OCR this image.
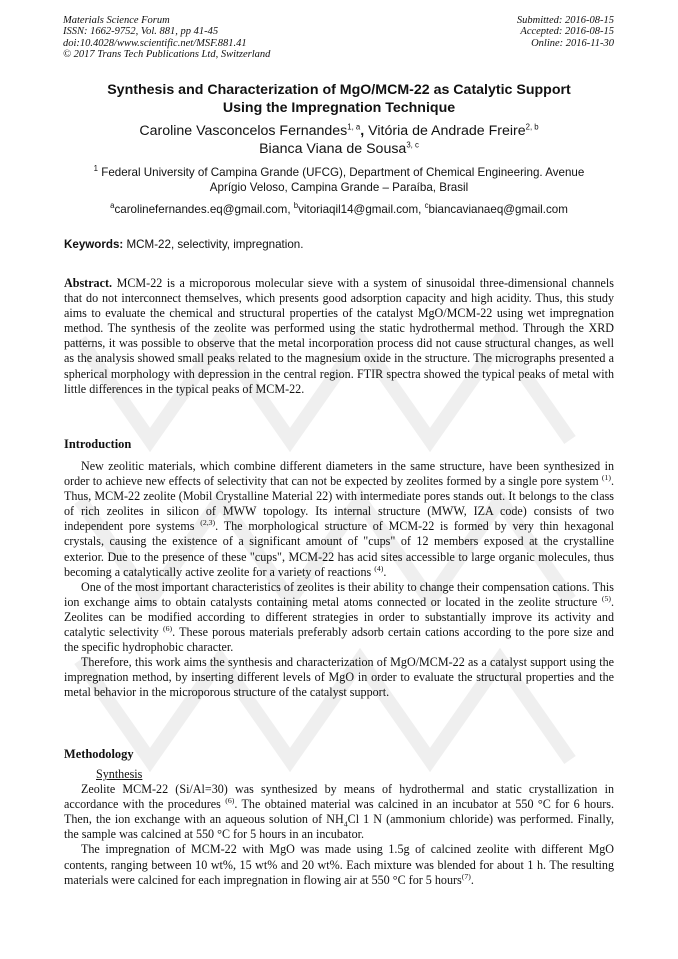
Materials Science Forum
ISSN: 1662-9752, Vol. 881, pp 41-45
doi:10.4028/www.scientific.net/MSF.881.41
© 2017 Trans Tech Publications Ltd, Switzerland
Submitted: 2016-08-15
Accepted: 2016-08-15
Online: 2016-11-30
Synthesis and Characterization of MgO/MCM-22 as Catalytic Support
Using the Impregnation Technique
Caroline Vasconcelos Fernandes$^{1, a}$, Vitória de Andrade Freire$^{2, b}$
Bianca Viana de Sousa$^{3, c}$
$^1$ Federal University of Campina Grande (UFCG), Department of Chemical Engineering. Avenue
Aprígio Veloso, Campina Grande – Paraíba, Brasil
$^a$carolinefernandes.eq@gmail.com, $^b$vitoriaqil14@gmail.com, $^c$biancavianaeq@gmail.com
Keywords: MCM-22, selectivity, impregnation.

Abstract. MCM-22 is a microporous molecular sieve with a system of sinusoidal three-dimensional channels that do not interconnect themselves, which presents good adsorption capacity and high acidity. Thus, this study aims to evaluate the chemical and structural properties of the catalyst MgO/MCM-22 using wet impregnation method. The synthesis of the zeolite was performed using the static hydrothermal method. Through the XRD patterns, it was possible to observe that the metal incorporation process did not cause structural changes, as well as the analysis showed small peaks related to the magnesium oxide in the structure. The micrographs presented a spherical morphology with depression in the central region. FTIR spectra showed the typical peaks of metal with little differences in the typical peaks of MCM-22.

Introduction

New zeolitic materials, which combine different diameters in the same structure, have been synthesized in order to achieve new effects of selectivity that can not be expected by zeolites formed by a single pore system $^{(1)}$. Thus, MCM-22 zeolite (Mobil Crystalline Material 22) with intermediate pores stands out. It belongs to the class of rich zeolites in silicon of MWW topology. Its internal structure (MWW, IZA code) consists of two independent pore systems $^{(2,3)}$. The morphological structure of MCM-22 is formed by very thin hexagonal crystals, causing the existence of a significant amount of "cups" of 12 members exposed at the crystalline exterior. Due to the presence of these "cups", MCM-22 has acid sites accessible to large organic molecules, thus becoming a catalytically active zeolite for a variety of reactions $^{(4)}$.

One of the most important characteristics of zeolites is their ability to change their compensation cations. This ion exchange aims to obtain catalysts containing metal atoms connected or located in the zeolite structure $^{(5)}$. Zeolites can be modified according to different strategies in order to substantially improve its activity and catalytic selectivity $^{(6)}$. These porous materials preferably adsorb certain cations according to the pore size and the specific hydrophobic character.

Therefore, this work aims the synthesis and characterization of MgO/MCM-22 as a catalyst support using the impregnation method, by inserting different levels of MgO in order to evaluate the structural properties and the metal behavior in the microporous structure of the catalyst support.

Methodology
Synthesis

Zeolite MCM-22 (Si/Al=30) was synthesized by means of hydrothermal and static crystallization in accordance with the procedures $^{(6)}$. The obtained material was calcined in an incubator at 550 °C for 6 hours. Then, the ion exchange with an aqueous solution of $NH_4Cl$ 1 N (ammonium chloride) was performed. Finally, the sample was calcined at 550 °C for 5 hours in an incubator.

The impregnation of MCM-22 with MgO was made using 1.5g of calcined zeolite with different MgO contents, ranging between 10 wt%, 15 wt% and 20 wt%. Each mixture was blended for about 1 h. The resulting materials were calcined for each impregnation in flowing air at 550 °C for 5 hours$^{(7)}$.
